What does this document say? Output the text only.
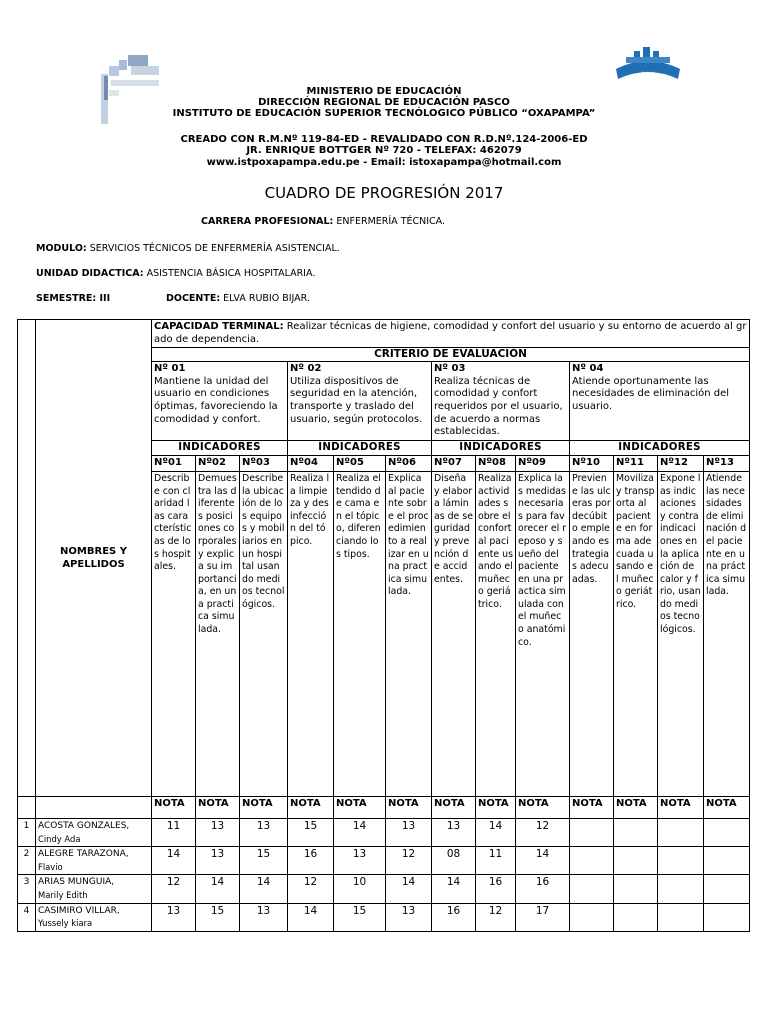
✦ ✦ ✦
MINISTERIO DE EDUCACIÓN
DIRECCIÓN REGIONAL DE EDUCACIÓN PASCO
INSTITUTO DE EDUCACIÓN SUPERIOR TECNÓLOGICO PÚBLICO “OXAPAMPA”
CREADO CON R.M.Nº 119-84-ED - REVALIDADO CON R.D.Nº.124-2006-ED
JR. ENRIQUE BOTTGER Nº 720 - TELEFAX: 462079
www.istpoxapampa.edu.pe - Email: istoxapampa@hotmail.com
CUADRO DE PROGRESIÓN 2017
CARRERA PROFESIONAL: ENFERMERÍA TÉCNICA.
MODULO: SERVICIOS TÉCNICOS DE ENFERMERÍA ASISTENCIAL.
UNIDAD DIDACTICA: ASISTENCIA BÁSICA HOSPITALARIA.
SEMESTRE: III	DOCENTE: ELVA RUBIO BIJAR.
	NOMBRES Y APELLIDOS	CAPACIDAD TERMINAL: Realizar técnicas de higiene, comodidad y confort del usuario y su entorno de acuerdo al grado de dependencia.												
		CRITERIO DE EVALUACIÓN												
		Nº 01
Mantiene la unidad del usuario en condiciones óptimas, favoreciendo la comodidad y confort.			Nº 02
Utiliza dispositivos de seguridad en la atención, transporte y traslado del usuario, según protocolos.			Nº 03
Realiza técnicas de comodidad y confort requeridos por el usuario, de acuerdo a normas establecidas.			Nº 04
Atiende oportunamente las necesidades de eliminación del usuario.			
		INDICADORES			INDICADORES			INDICADORES			INDICADORES			
		Nº01	Nº02	Nº03	Nº04	Nº05	Nº06	Nº07	Nº08	Nº09	Nº10	Nº11	Nº12	Nº13
		Describe con claridad las características de los hospitales.	Demuestra las diferentes posiciones corporales y explica su importancia, en una practica simulada.	Describe la ubicación de los equipos y mobiliarios en un hospital usando medios tecnológicos.	Realiza la limpieza y desinfección del tópico.	Realiza el tendido de cama en el tópico, diferenciando los tipos.	Explica al paciente sobre el procedimiento a realizar en una practica simulada.	Diseña y elabora láminas de seguridad y prevención de accidentes.	Realiza actividades sobre el confort al paciente usando el muñeco geriátrico.	Explica las medidas necesarias para favorecer el reposo y sueño del paciente en una practica simulada con el muñeco anatómico.	Previene las ulceras por decúbito empleando estrategias adecuadas.	Moviliza y transporta al paciente en forma adecuada usando el muñeco geriátrico.	Expone las indicaciones y contraindicaciones en la aplicación de calor y frio, usando medios tecnológicos.	Atiende las necesidades de eliminación del paciente en una práctica simulada.
		NOTA	NOTA	NOTA	NOTA	NOTA	NOTA	NOTA	NOTA	NOTA	NOTA	NOTA	NOTA	NOTA
1	ACOSTA GONZALES,
Cindy Ada	11	13	13	15	14	13	13	14	12				
2	ALEGRE TARAZONA,
Flavio	14	13	15	16	13	12	08	11	14				
3	ARIAS MUNGUIA,
Marily Edith	12	14	14	12	10	14	14	16	16				
4	CASIMIRO VILLAR,
Yussely kiara	13	15	13	14	15	13	16	12	17				
